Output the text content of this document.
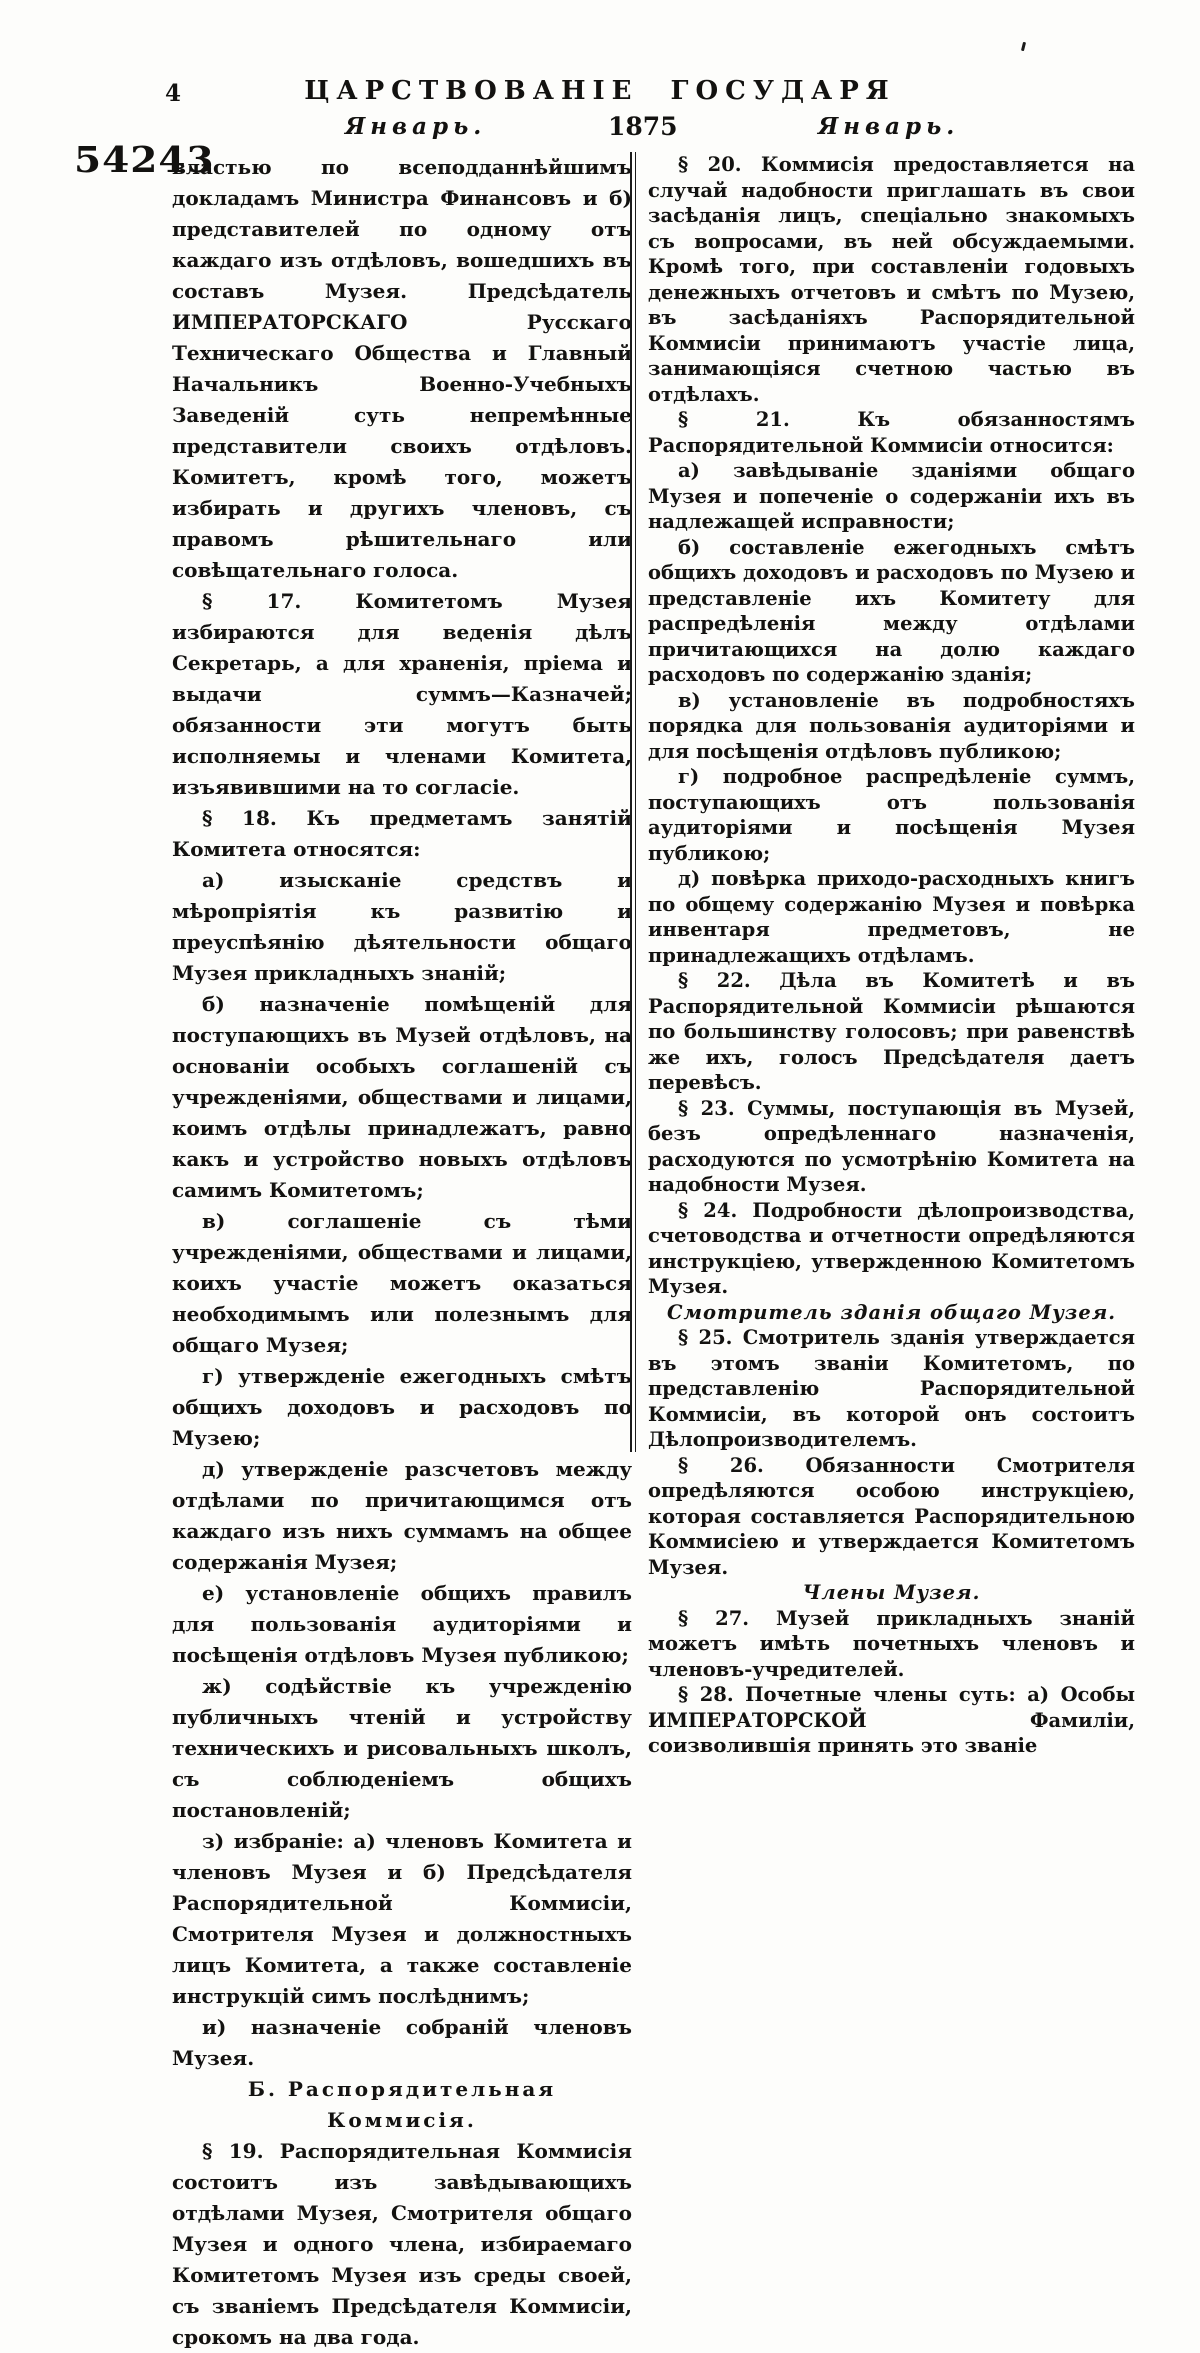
4	ЦАРСТВОВАНІЕ ГОСУДАРЯ
Январь.	1875	Январь.
54243

властью по всеподданнѣйшимъ докладамъ Министра Финансовъ и б) представителей по одному отъ каждаго изъ отдѣловъ, вошедшихъ въ составъ Музея. Предсѣдатель ИМПЕРАТОРСКАГО Русскаго Техническаго Общества и Главный Начальникъ Военно-Учебныхъ Заведеній суть непремѣнные представители своихъ отдѣловъ. Комитетъ, кромѣ того, можетъ избирать и другихъ членовъ, съ правомъ рѣшительнаго или совѣщательнаго голоса.

§ 17. Комитетомъ Музея избираются для веденія дѣлъ Секретарь, а для храненія, пріема и выдачи суммъ—Казначей; обязанности эти могутъ быть исполняемы и членами Комитета, изъявившими на то согласіе.

§ 18. Къ предметамъ занятій Комитета относятся:

а) изысканіе средствъ и мѣропріятія къ развитію и преуспѣянію дѣятельности общаго Музея прикладныхъ знаній;

б) назначеніе помѣщеній для поступающихъ въ Музей отдѣловъ, на основаніи особыхъ соглашеній съ учрежденіями, обществами и лицами, коимъ отдѣлы принадлежатъ, равно какъ и устройство новыхъ отдѣловъ самимъ Комитетомъ;

в) соглашеніе съ тѣми учрежденіями, обществами и лицами, коихъ участіе можетъ оказаться необходимымъ или полезнымъ для общаго Музея;

г) утвержденіе ежегодныхъ смѣтъ общихъ доходовъ и расходовъ по Музею;

д) утвержденіе разсчетовъ между отдѣлами по причитающимся отъ каждаго изъ нихъ суммамъ на общее содержанія Музея;

е) установленіе общихъ правилъ для пользованія аудиторіями и посѣщенія отдѣловъ Музея публикою;

ж) содѣйствіе къ учрежденію публичныхъ чтеній и устройству техническихъ и рисовальныхъ школъ, съ соблюденіемъ общихъ постановленій;

з) избраніе: а) членовъ Комитета и членовъ Музея и б) Предсѣдателя Распорядительной Коммисіи, Смотрителя Музея и должностныхъ лицъ Комитета, а также составленіе инструкцій симъ послѣднимъ;

и) назначеніе собраній членовъ Музея.

Б. Распорядительная Коммисія.

§ 19. Распорядительная Коммисія состоитъ изъ завѣдывающихъ отдѣлами Музея, Смотрителя общаго Музея и одного члена, избираемаго Комитетомъ Музея изъ среды своей, съ званіемъ Предсѣдателя Коммисіи, срокомъ на два года.

§ 20. Коммисія предоставляется на случай надобности приглашать въ свои засѣданія лицъ, спеціально знакомыхъ съ вопросами, въ ней обсуждаемыми. Кромѣ того, при составленіи годовыхъ денежныхъ отчетовъ и смѣтъ по Музею, въ засѣданіяхъ Распорядительной Коммисіи принимаютъ участіе лица, занимающіяся счетною частью въ отдѣлахъ.

§ 21. Къ обязанностямъ Распорядительной Коммисіи относится:

а) завѣдываніе зданіями общаго Музея и попеченіе о содержаніи ихъ въ надлежащей исправности;

б) составленіе ежегодныхъ смѣтъ общихъ доходовъ и расходовъ по Музею и представленіе ихъ Комитету для распредѣленія между отдѣлами причитающихся на долю каждаго расходовъ по содержанію зданія;

в) установленіе въ подробностяхъ порядка для пользованія аудиторіями и для посѣщенія отдѣловъ публикою;

г) подробное распредѣленіе суммъ, поступающихъ отъ пользованія аудиторіями и посѣщенія Музея публикою;

д) повѣрка приходо-расходныхъ книгъ по общему содержанію Музея и повѣрка инвентаря предметовъ, не принадлежащихъ отдѣламъ.

§ 22. Дѣла въ Комитетѣ и въ Распорядительной Коммисіи рѣшаются по большинству голосовъ; при равенствѣ же ихъ, голосъ Предсѣдателя даетъ перевѣсъ.

§ 23. Суммы, поступающія въ Музей, безъ опредѣленнаго назначенія, расходуются по усмотрѣнію Комитета на надобности Музея.

§ 24. Подробности дѣлопроизводства, счетоводства и отчетности опредѣляются инструкціею, утвержденною Комитетомъ Музея.

Смотритель зданія общаго Музея.

§ 25. Смотритель зданія утверждается въ этомъ званіи Комитетомъ, по представленію Распорядительной Коммисіи, въ которой онъ состоитъ Дѣлопроизводителемъ.

§ 26. Обязанности Смотрителя опредѣляются особою инструкціею, которая составляется Распорядительною Коммисіею и утверждается Комитетомъ Музея.

Члены Музея.

§ 27. Музей прикладныхъ знаній можетъ имѣть почетныхъ членовъ и членовъ-учредителей.

§ 28. Почетные члены суть: а) Особы ИМПЕРАТОРСКОЙ Фамиліи, соизволившія принять это званіе
